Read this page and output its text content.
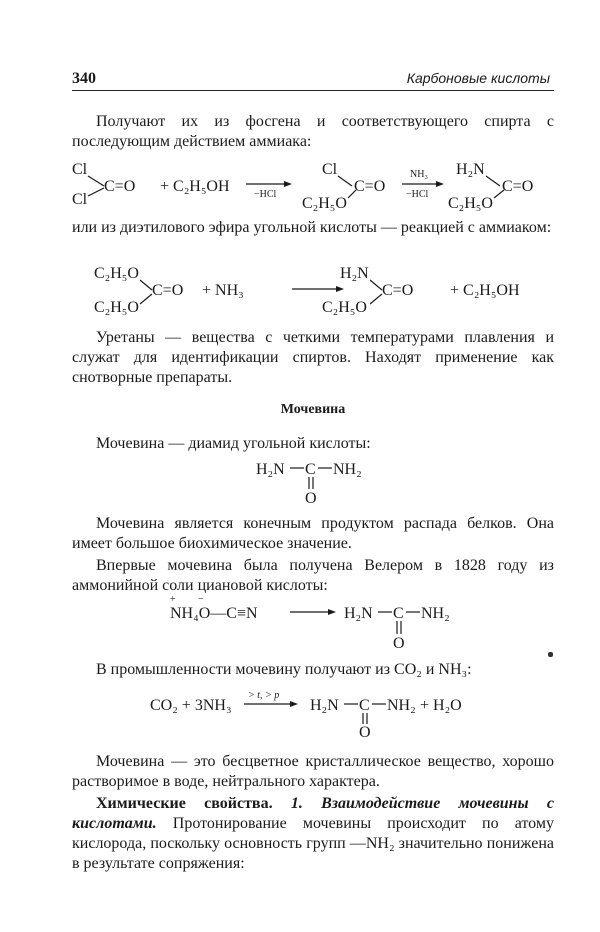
340	Карбоновые кислоты
Получают их из фосгена и соответствующего спирта с последующим действием аммиака:
Cl
Cl
C=O + C₂H₅OH −HCl
Cl
C₂H₅O
C=O
NH₃
−HCl
H₂N
C₂H₅O
C=O
или из диэтилового эфира угольной кислоты — реакцией с аммиаком:
C₂H₅O
C₂H₅O
C=O + NH₃
H₂N
C₂H₅O
C=O + C₂H₅OH
Уретаны — вещества с четкими температурами плавления и служат для идентификации спиртов. Находят применение как снотворные препараты.
Мочевина
Мочевина — диамид угольной кислоты:
H₂N C NH₂
O
Мочевина является конечным продуктом распада белков. Она имеет большое биохимическое значение.
Впервые мочевина была получена Велером в 1828 году из аммонийной соли циановой кислоты:
+ −
NH₄O—C≡N	H₂N C NH₂
O
В промышленности мочевину получают из CO₂ и NH₃:
CO₂ + 3NH₃
> t, > p
H₂N C NH₂ + H₂O
O
Мочевина — это бесцветное кристаллическое вещество, хорошо растворимое в воде, нейтрального характера.
Химические свойства. 1. Взаимодействие мочевины с кислотами. Протонирование мочевины происходит по атому кислорода, поскольку основность групп —NH₂ значительно понижена в результате сопряжения:
